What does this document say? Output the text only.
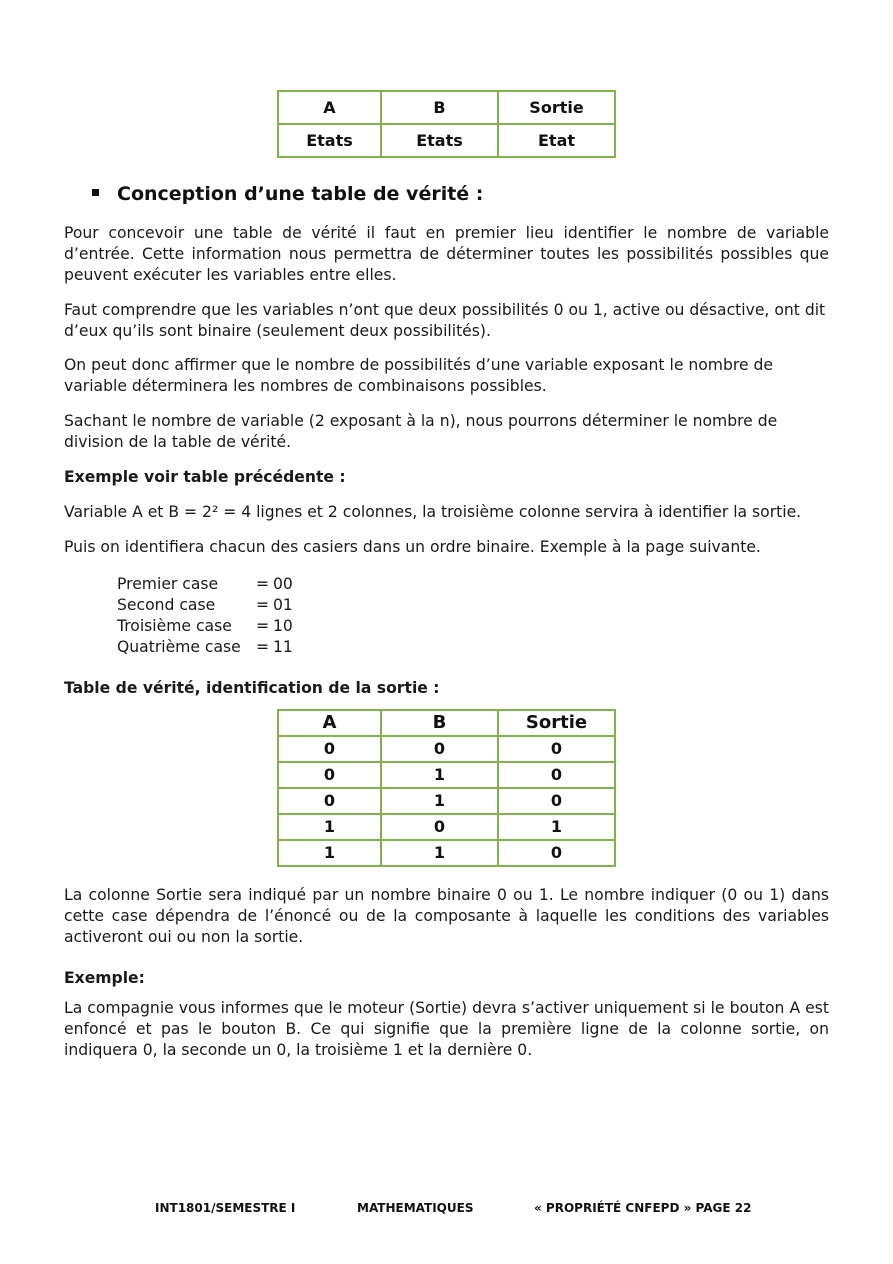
A	B	Sortie
Etats	Etats	Etat
Conception d’une table de vérité :

Pour concevoir une table de vérité il faut en premier lieu identifier le nombre de variable d’entrée. Cette information nous permettra de déterminer toutes les possibilités possibles que peuvent exécuter les variables entre elles.

Faut comprendre que les variables n’ont que deux possibilités 0 ou 1, active ou désactive, ont dit d’eux qu’ils sont binaire (seulement deux possibilités).

On peut donc affirmer que le nombre de possibilités d’une variable exposant le nombre de variable déterminera les nombres de combinaisons possibles.

Sachant le nombre de variable (2 exposant à la n), nous pourrons déterminer le nombre de division de la table de vérité.

Exemple voir table précédente :

Variable A et B = 2² = 4 lignes et 2 colonnes, la troisième colonne servira à identifier la sortie.

Puis on identifiera chacun des casiers dans un ordre binaire. Exemple à la page suivante.

Premier case	= 00
Second case	= 01
Troisième case	= 10
Quatrième case = 11

Table de vérité, identification de la sortie :

A	B	Sortie
0	0	0
0	1	0
0	1	0
1	0	1
1	1	0

La colonne Sortie sera indiqué par un nombre binaire 0 ou 1. Le nombre indiquer (0 ou 1) dans cette case dépendra de l’énoncé ou de la composante à laquelle les conditions des variables activeront oui ou non la sortie.

Exemple:

La compagnie vous informes que le moteur (Sortie) devra s’activer uniquement si le bouton A est enfoncé et pas le bouton B. Ce qui signifie que la première ligne de la colonne sortie, on indiquera 0, la seconde un 0, la troisième 1 et la dernière 0.

INT1801/SEMESTRE I	MATHEMATIQUES	« PROPRIÉTÉ CNFEPD » PAGE 22
